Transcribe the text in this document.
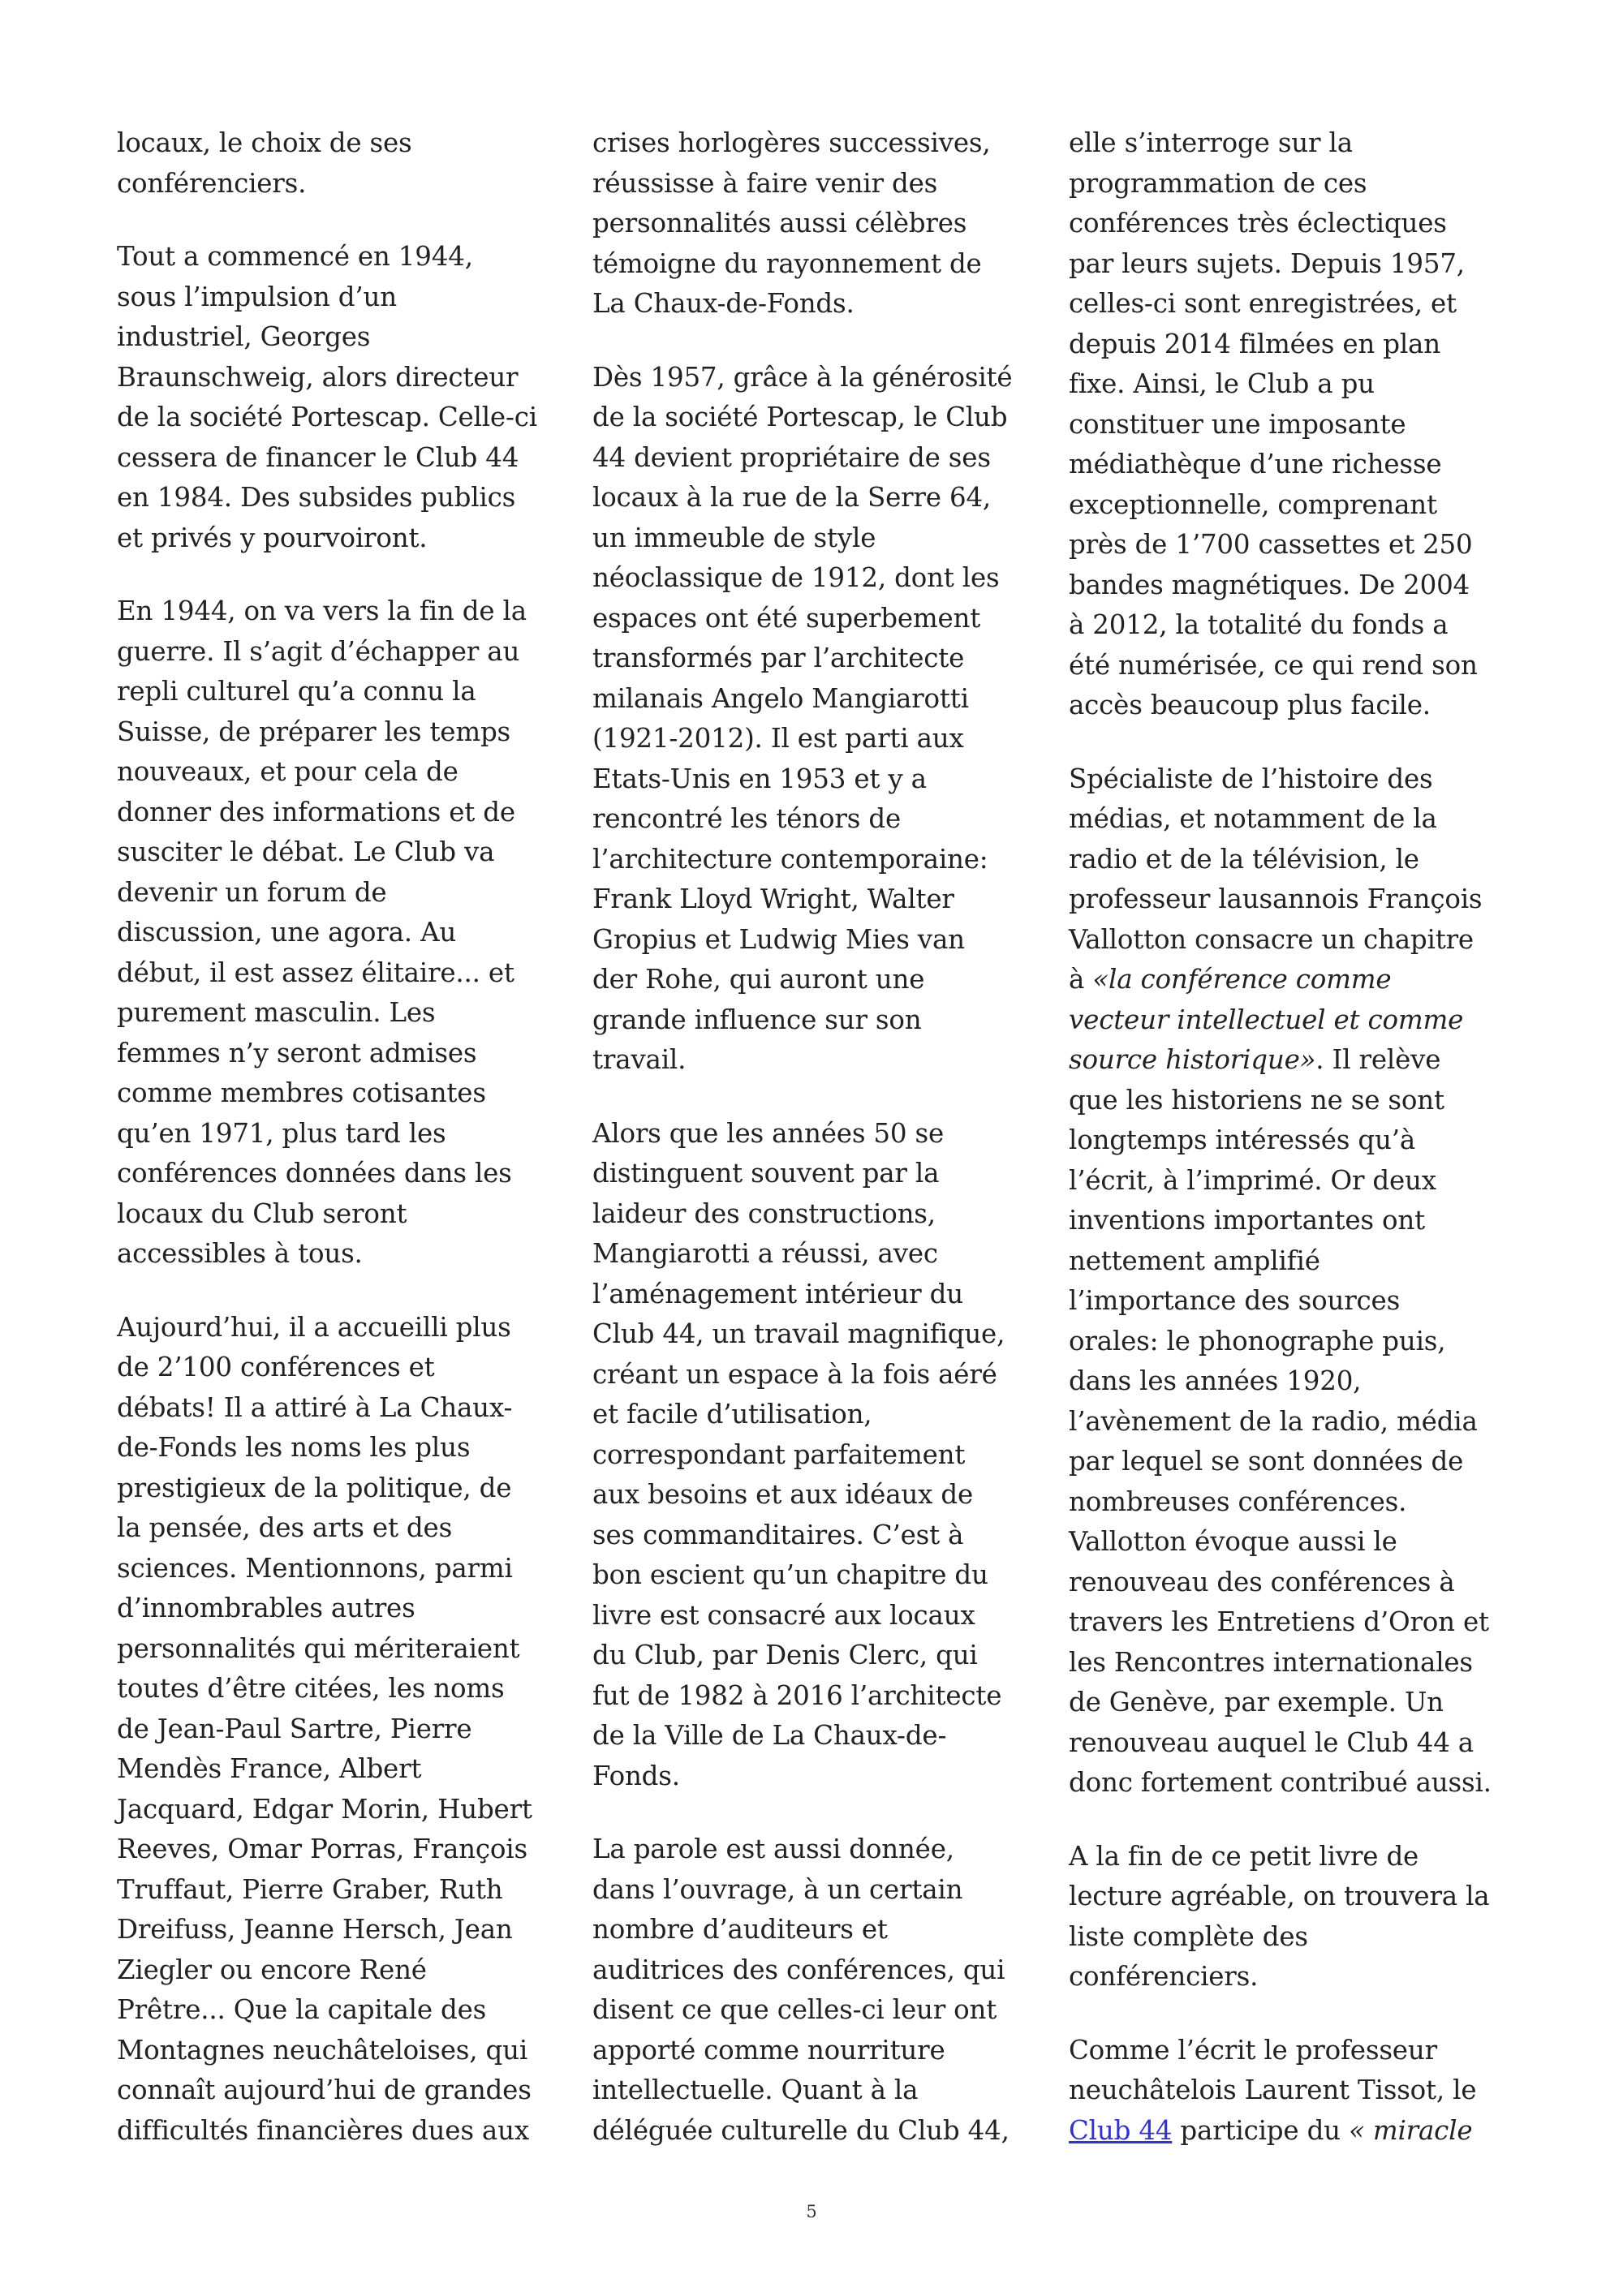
locaux, le choix de ses
conférenciers.

Tout a commencé en 1944,
sous l’impulsion d’un
industriel, Georges
Braunschweig, alors directeur
de la société Portescap. Celle-ci
cessera de financer le Club 44
en 1984. Des subsides publics
et privés y pourvoiront.

En 1944, on va vers la fin de la
guerre. Il s’agit d’échapper au
repli culturel qu’a connu la
Suisse, de préparer les temps
nouveaux, et pour cela de
donner des informations et de
susciter le débat. Le Club va
devenir un forum de
discussion, une agora. Au
début, il est assez élitaire... et
purement masculin. Les
femmes n’y seront admises
comme membres cotisantes
qu’en 1971, plus tard les
conférences données dans les
locaux du Club seront
accessibles à tous.

Aujourd’hui, il a accueilli plus
de 2’100 conférences et
débats! Il a attiré à La Chaux-
de-Fonds les noms les plus
prestigieux de la politique, de
la pensée, des arts et des
sciences. Mentionnons, parmi
d’innombrables autres
personnalités qui mériteraient
toutes d’être citées, les noms
de Jean-Paul Sartre, Pierre
Mendès France, Albert
Jacquard, Edgar Morin, Hubert
Reeves, Omar Porras, François
Truffaut, Pierre Graber, Ruth
Dreifuss, Jeanne Hersch, Jean
Ziegler ou encore René
Prêtre... Que la capitale des
Montagnes neuchâteloises, qui
connaît aujourd’hui de grandes
difficultés financières dues aux

crises horlogères successives,
réussisse à faire venir des
personnalités aussi célèbres
témoigne du rayonnement de
La Chaux-de-Fonds.

Dès 1957, grâce à la générosité
de la société Portescap, le Club
44 devient propriétaire de ses
locaux à la rue de la Serre 64,
un immeuble de style
néoclassique de 1912, dont les
espaces ont été superbement
transformés par l’architecte
milanais Angelo Mangiarotti
(1921-2012). Il est parti aux
Etats-Unis en 1953 et y a
rencontré les ténors de
l’architecture contemporaine:
Frank Lloyd Wright, Walter
Gropius et Ludwig Mies van
der Rohe, qui auront une
grande influence sur son
travail.

Alors que les années 50 se
distinguent souvent par la
laideur des constructions,
Mangiarotti a réussi, avec
l’aménagement intérieur du
Club 44, un travail magnifique,
créant un espace à la fois aéré
et facile d’utilisation,
correspondant parfaitement
aux besoins et aux idéaux de
ses commanditaires. C’est à
bon escient qu’un chapitre du
livre est consacré aux locaux
du Club, par Denis Clerc, qui
fut de 1982 à 2016 l’architecte
de la Ville de La Chaux-de-
Fonds.

La parole est aussi donnée,
dans l’ouvrage, à un certain
nombre d’auditeurs et
auditrices des conférences, qui
disent ce que celles-ci leur ont
apporté comme nourriture
intellectuelle. Quant à la
déléguée culturelle du Club 44,

elle s’interroge sur la
programmation de ces
conférences très éclectiques
par leurs sujets. Depuis 1957,
celles-ci sont enregistrées, et
depuis 2014 filmées en plan
fixe. Ainsi, le Club a pu
constituer une imposante
médiathèque d’une richesse
exceptionnelle, comprenant
près de 1’700 cassettes et 250
bandes magnétiques. De 2004
à 2012, la totalité du fonds a
été numérisée, ce qui rend son
accès beaucoup plus facile.

Spécialiste de l’histoire des
médias, et notamment de la
radio et de la télévision, le
professeur lausannois François
Vallotton consacre un chapitre
à «la conférence comme
vecteur intellectuel et comme
source historique». Il relève
que les historiens ne se sont
longtemps intéressés qu’à
l’écrit, à l’imprimé. Or deux
inventions importantes ont
nettement amplifié
l’importance des sources
orales: le phonographe puis,
dans les années 1920,
l’avènement de la radio, média
par lequel se sont données de
nombreuses conférences.
Vallotton évoque aussi le
renouveau des conférences à
travers les Entretiens d’Oron et
les Rencontres internationales
de Genève, par exemple. Un
renouveau auquel le Club 44 a
donc fortement contribué aussi.

A la fin de ce petit livre de
lecture agréable, on trouvera la
liste complète des
conférenciers.

Comme l’écrit le professeur
neuchâtelois Laurent Tissot, le
Club 44 participe du « miracle

5
